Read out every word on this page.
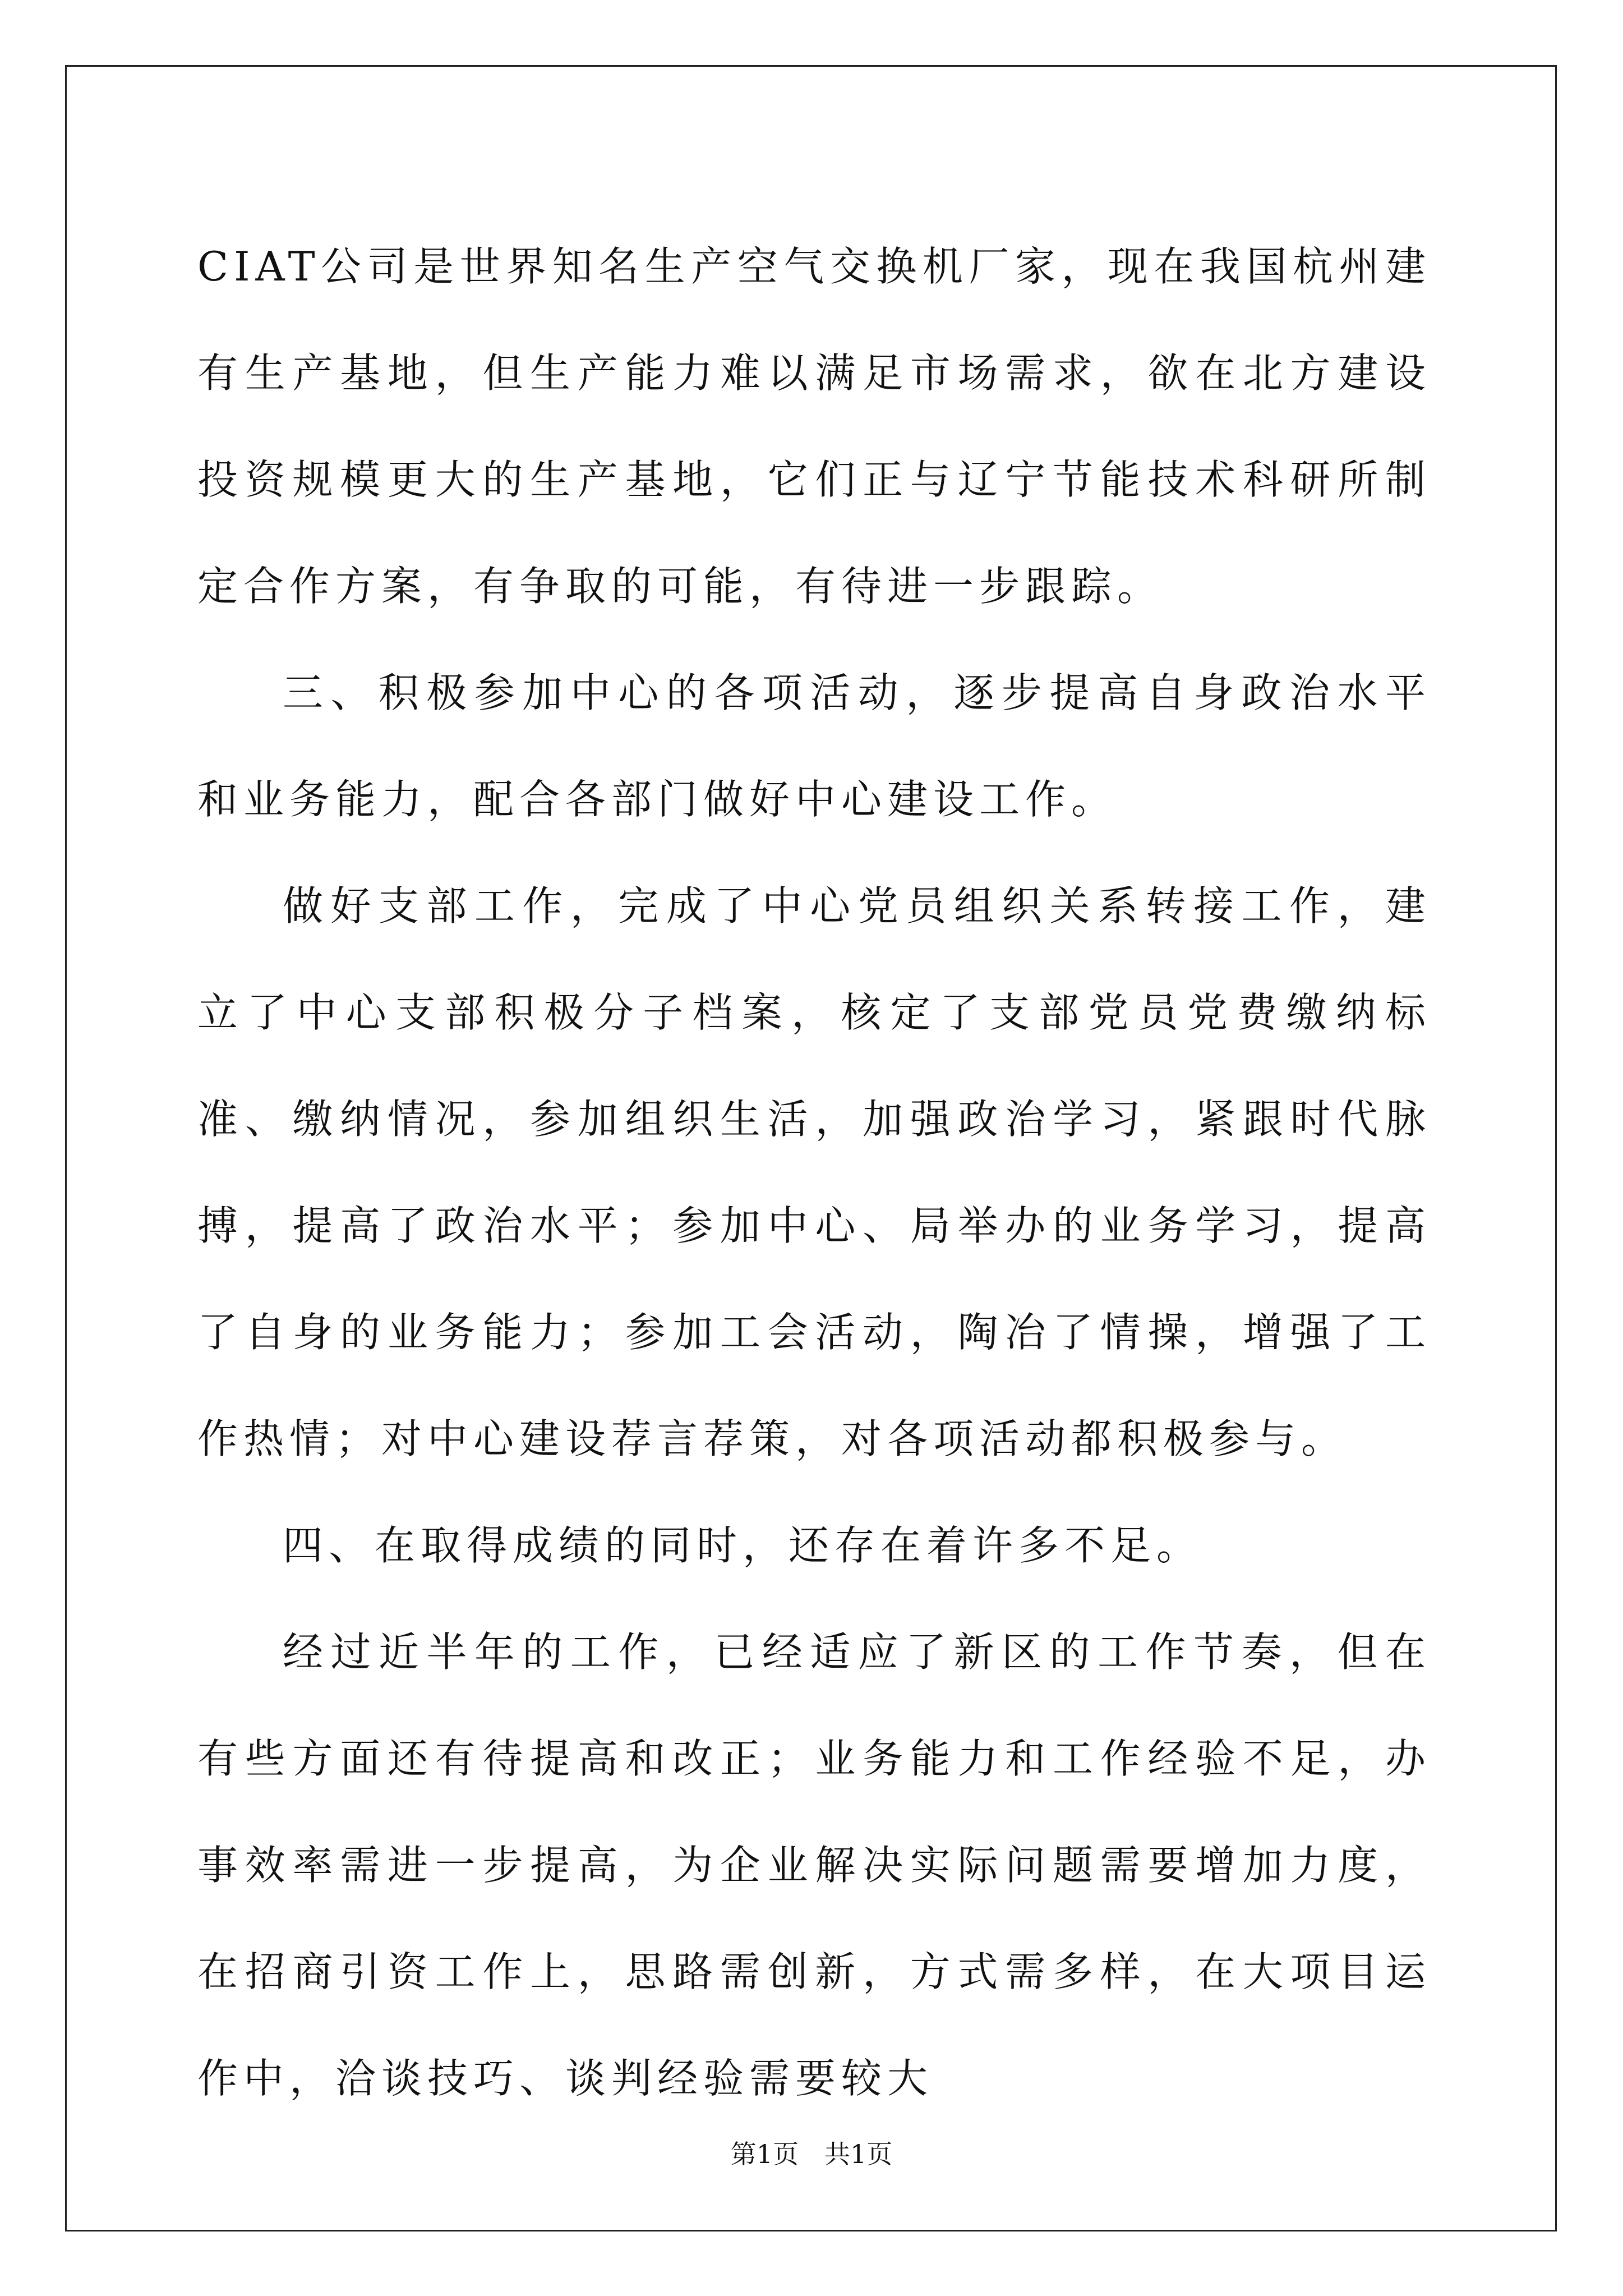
CIAT公司是世界知名生产空气交换机厂家，现在我国杭州建有生产基地，但生产能力难以满足市场需求，欲在北方建设投资规模更大的生产基地，它们正与辽宁节能技术科研所制定合作方案，有争取的可能，有待进一步跟踪。

三、积极参加中心的各项活动，逐步提高自身政治水平和业务能力，配合各部门做好中心建设工作。

做好支部工作，完成了中心党员组织关系转接工作，建立了中心支部积极分子档案，核定了支部党员党费缴纳标准、缴纳情况，参加组织生活，加强政治学习，紧跟时代脉搏，提高了政治水平；参加中心、局举办的业务学习，提高了自身的业务能力；参加工会活动，陶冶了情操，增强了工作热情；对中心建设荐言荐策，对各项活动都积极参与。

四、在取得成绩的同时，还存在着许多不足。

经过近半年的工作，已经适应了新区的工作节奏，但在有些方面还有待提高和改正；业务能力和工作经验不足，办事效率需进一步提高，为企业解决实际问题需要增加力度，在招商引资工作上，思路需创新，方式需多样，在大项目运作中，洽谈技巧、谈判经验需要较大

第1页　共1页
